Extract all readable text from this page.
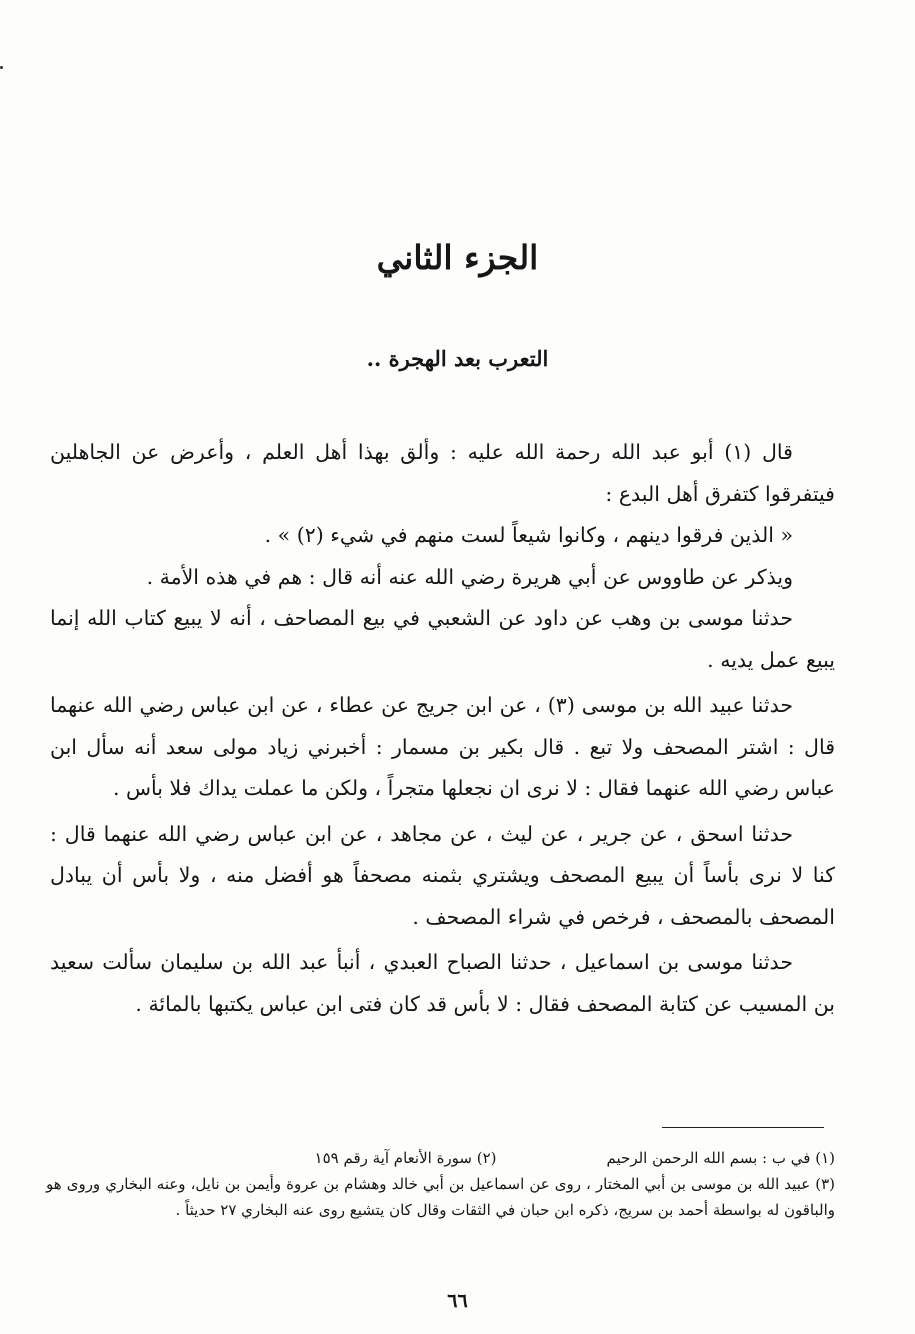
الجزء الثاني
التعرب بعد الهجرة ..

قال (١) أبو عبد الله رحمة الله عليه : وألق بهذا أهل العلم ، وأعرض عن الجاهلين فيتفرقوا كتفرق أهل البدع :

« الذين فرقوا دينهم ، وكانوا شيعاً لست منهم في شيء (٢) » .

ويذكر عن طاووس عن أبي هريرة رضي الله عنه أنه قال : هم في هذه الأمة .

حدثنا موسى بن وهب عن داود عن الشعبي في بيع المصاحف ، أنه لا يبيع كتاب الله إنما يبيع عمل يديه .

حدثنا عبيد الله بن موسى (٣) ، عن ابن جريج عن عطاء ، عن ابن عباس رضي الله عنهما قال : اشتر المصحف ولا تبع . قال بكير بن مسمار : أخبرني زياد مولى سعد أنه سأل ابن عباس رضي الله عنهما فقال : لا نرى ان نجعلها متجراً ، ولكن ما عملت يداك فلا بأس .

حدثنا اسحق ، عن جرير ، عن ليث ، عن مجاهد ، عن ابن عباس رضي الله عنهما قال : كنا لا نرى بأساً أن يبيع المصحف ويشتري بثمنه مصحفاً هو أفضل منه ، ولا بأس أن يبادل المصحف بالمصحف ، فرخص في شراء المصحف .

حدثنا موسى بن اسماعيل ، حدثنا الصباح العبدي ، أنبأ عبد الله بن سليمان سألت سعيد بن المسيب عن كتابة المصحف فقال : لا بأس قد كان فتى ابن عباس يكتبها بالمائة .

(١) في ب : بسم الله الرحمن الرحيم
(٢) سورة الأنعام آية رقم ١٥٩

(٣) عبيد الله بن موسى بن أبي المختار ، روى عن اسماعيل بن أبي خالد وهشام بن عروة وأيمن بن نايل، وعنه البخاري وروى هو والباقون له بواسطة أحمد بن سريج، ذكره ابن حبان في الثقات وقال كان يتشيع روى عنه البخاري ٢٧ حديثاً .

٦٦
